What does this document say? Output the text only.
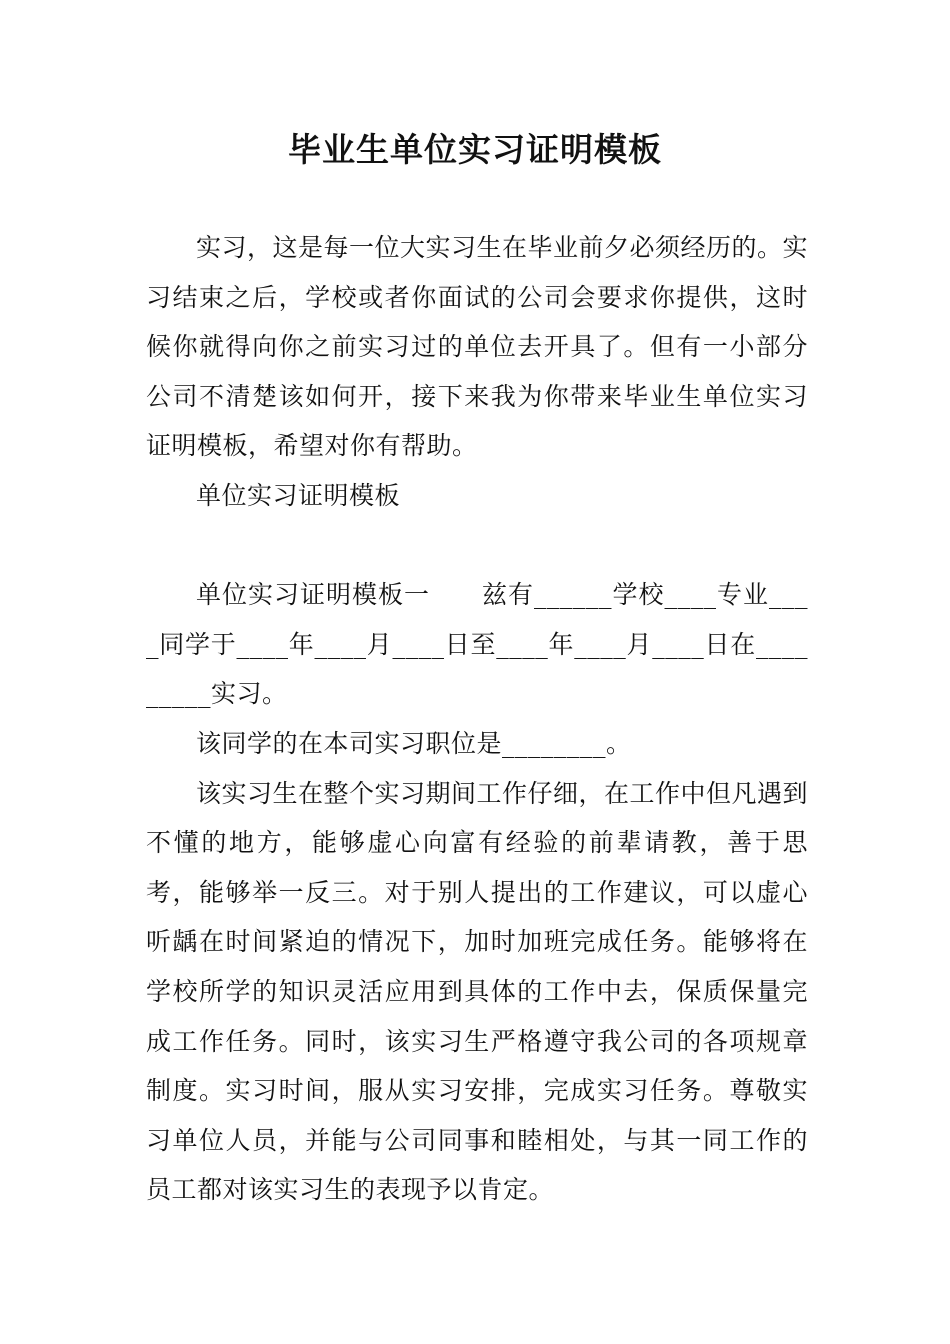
毕业生单位实习证明模板

实习，这是每一位大实习生在毕业前夕必须经历的。实习结束之后，学校或者你面试的公司会要求你提供，这时候你就得向你之前实习过的单位去开具了。但有一小部分公司不清楚该如何开，接下来我为你带来毕业生单位实习证明模板，希望对你有帮助。

单位实习证明模板

单位实习证明模板一　　兹有______学校____专业____同学于____年____月____日至____年____月____日在_________实习。

该同学的在本司实习职位是________。

该实习生在整个实习期间工作仔细，在工作中但凡遇到不懂的地方，能够虚心向富有经验的前辈请教，善于思考，能够举一反三。对于别人提出的工作建议，可以虚心听龋在时间紧迫的情况下，加时加班完成任务。能够将在学校所学的知识灵活应用到具体的工作中去，保质保量完成工作任务。同时，该实习生严格遵守我公司的各项规章制度。实习时间，服从实习安排，完成实习任务。尊敬实习单位人员，并能与公司同事和睦相处，与其一同工作的员工都对该实习生的表现予以肯定。
